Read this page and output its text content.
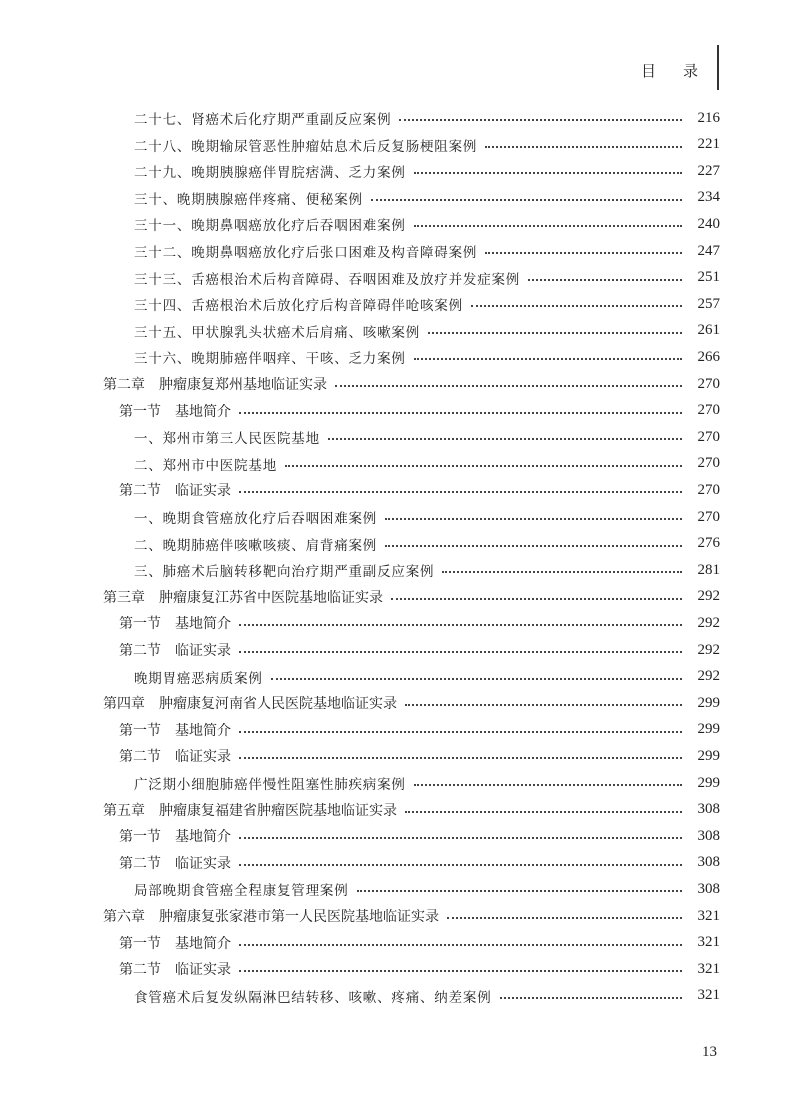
目　录
二十七、肾癌术后化疗期严重副反应案例	216
二十八、晚期输尿管恶性肿瘤姑息术后反复肠梗阻案例	221
二十九、晚期胰腺癌伴胃脘痞满、乏力案例	227
三十、晚期胰腺癌伴疼痛、便秘案例	234
三十一、晚期鼻咽癌放化疗后吞咽困难案例	240
三十二、晚期鼻咽癌放化疗后张口困难及构音障碍案例	247
三十三、舌癌根治术后构音障碍、吞咽困难及放疗并发症案例	251
三十四、舌癌根治术后放化疗后构音障碍伴呛咳案例	257
三十五、甲状腺乳头状癌术后肩痛、咳嗽案例	261
三十六、晚期肺癌伴咽痒、干咳、乏力案例	266
第二章　肿瘤康复郑州基地临证实录	270
第一节　基地简介	270
一、郑州市第三人民医院基地	270
二、郑州市中医院基地	270
第二节　临证实录	270
一、晚期食管癌放化疗后吞咽困难案例	270
二、晚期肺癌伴咳嗽咳痰、肩背痛案例	276
三、肺癌术后脑转移靶向治疗期严重副反应案例	281
第三章　肿瘤康复江苏省中医院基地临证实录	292
第一节　基地简介	292
第二节　临证实录	292
晚期胃癌恶病质案例	292
第四章　肿瘤康复河南省人民医院基地临证实录	299
第一节　基地简介	299
第二节　临证实录	299
广泛期小细胞肺癌伴慢性阻塞性肺疾病案例	299
第五章　肿瘤康复福建省肿瘤医院基地临证实录	308
第一节　基地简介	308
第二节　临证实录	308
局部晚期食管癌全程康复管理案例	308
第六章　肿瘤康复张家港市第一人民医院基地临证实录	321
第一节　基地简介	321
第二节　临证实录	321
食管癌术后复发纵隔淋巴结转移、咳嗽、疼痛、纳差案例	321
13
